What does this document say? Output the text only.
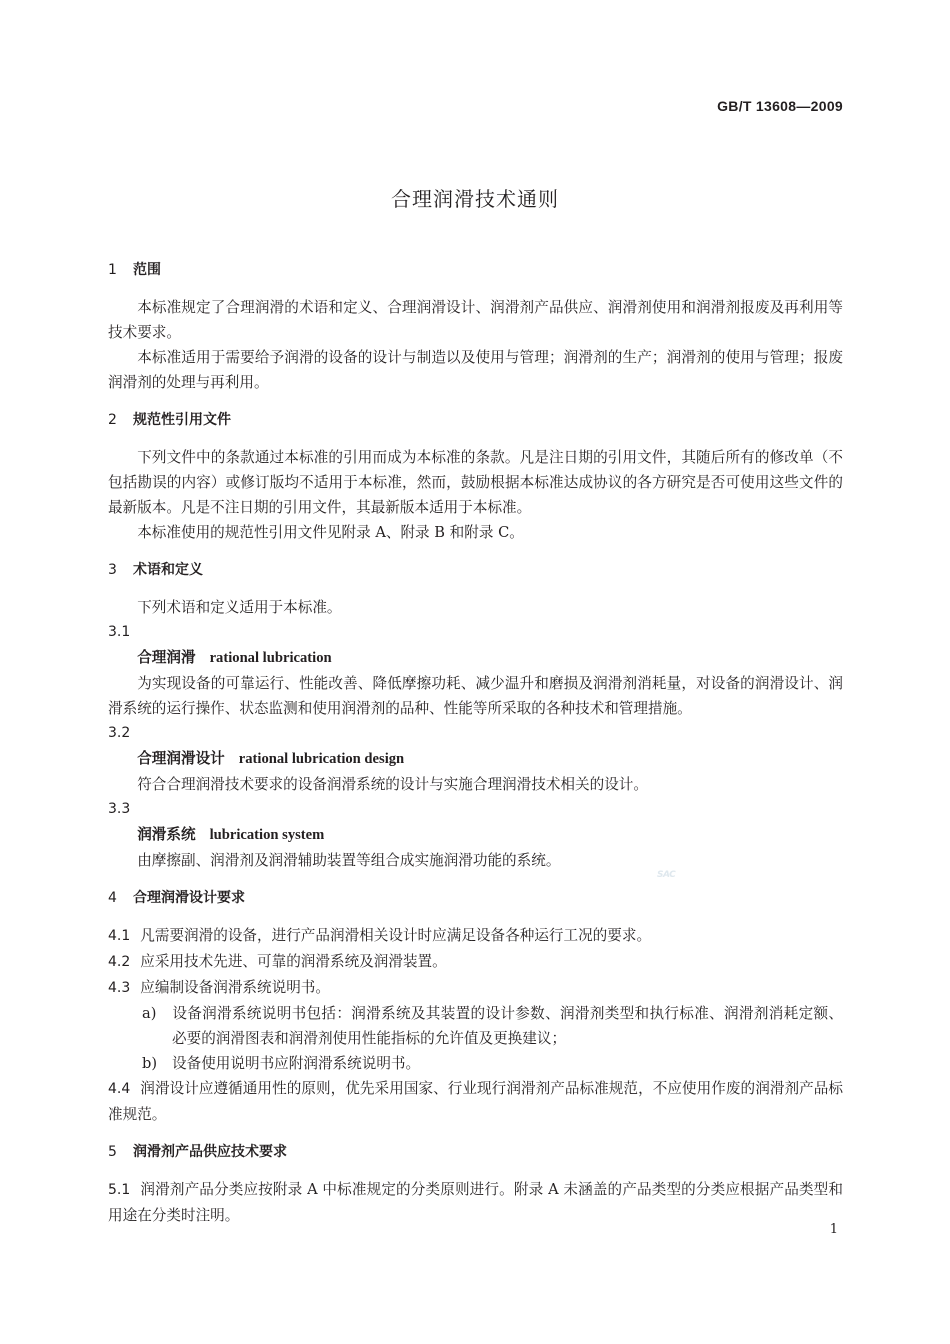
GB/T 13608—2009
合理润滑技术通则
SAC
1 范围

本标准规定了合理润滑的术语和定义、合理润滑设计、润滑剂产品供应、润滑剂使用和润滑剂报废及再利用等技术要求。

本标准适用于需要给予润滑的设备的设计与制造以及使用与管理；润滑剂的生产；润滑剂的使用与管理；报废润滑剂的处理与再利用。

2 规范性引用文件

下列文件中的条款通过本标准的引用而成为本标准的条款。凡是注日期的引用文件，其随后所有的修改单（不包括勘误的内容）或修订版均不适用于本标准，然而，鼓励根据本标准达成协议的各方研究是否可使用这些文件的最新版本。凡是不注日期的引用文件，其最新版本适用于本标准。

本标准使用的规范性引用文件见附录 A、附录 B 和附录 C。

3 术语和定义

下列术语和定义适用于本标准。

3.1

合理润滑 rational lubrication

为实现设备的可靠运行、性能改善、降低摩擦功耗、减少温升和磨损及润滑剂消耗量，对设备的润滑设计、润滑系统的运行操作、状态监测和使用润滑剂的品种、性能等所采取的各种技术和管理措施。

3.2

合理润滑设计 rational lubrication design

符合合理润滑技术要求的设备润滑系统的设计与实施合理润滑技术相关的设计。

3.3

润滑系统 lubrication system

由摩擦副、润滑剂及润滑辅助装置等组合成实施润滑功能的系统。

4 合理润滑设计要求

4.1 凡需要润滑的设备，进行产品润滑相关设计时应满足设备各种运行工况的要求。

4.2 应采用技术先进、可靠的润滑系统及润滑装置。

4.3 应编制设备润滑系统说明书。

a) 设备润滑系统说明书包括：润滑系统及其装置的设计参数、润滑剂类型和执行标准、润滑剂消耗定额、必要的润滑图表和润滑剂使用性能指标的允许值及更换建议；

b) 设备使用说明书应附润滑系统说明书。

4.4 润滑设计应遵循通用性的原则，优先采用国家、行业现行润滑剂产品标准规范，不应使用作废的润滑剂产品标准规范。

5 润滑剂产品供应技术要求

5.1 润滑剂产品分类应按附录 A 中标准规定的分类原则进行。附录 A 未涵盖的产品类型的分类应根据产品类型和用途在分类时注明。

1
